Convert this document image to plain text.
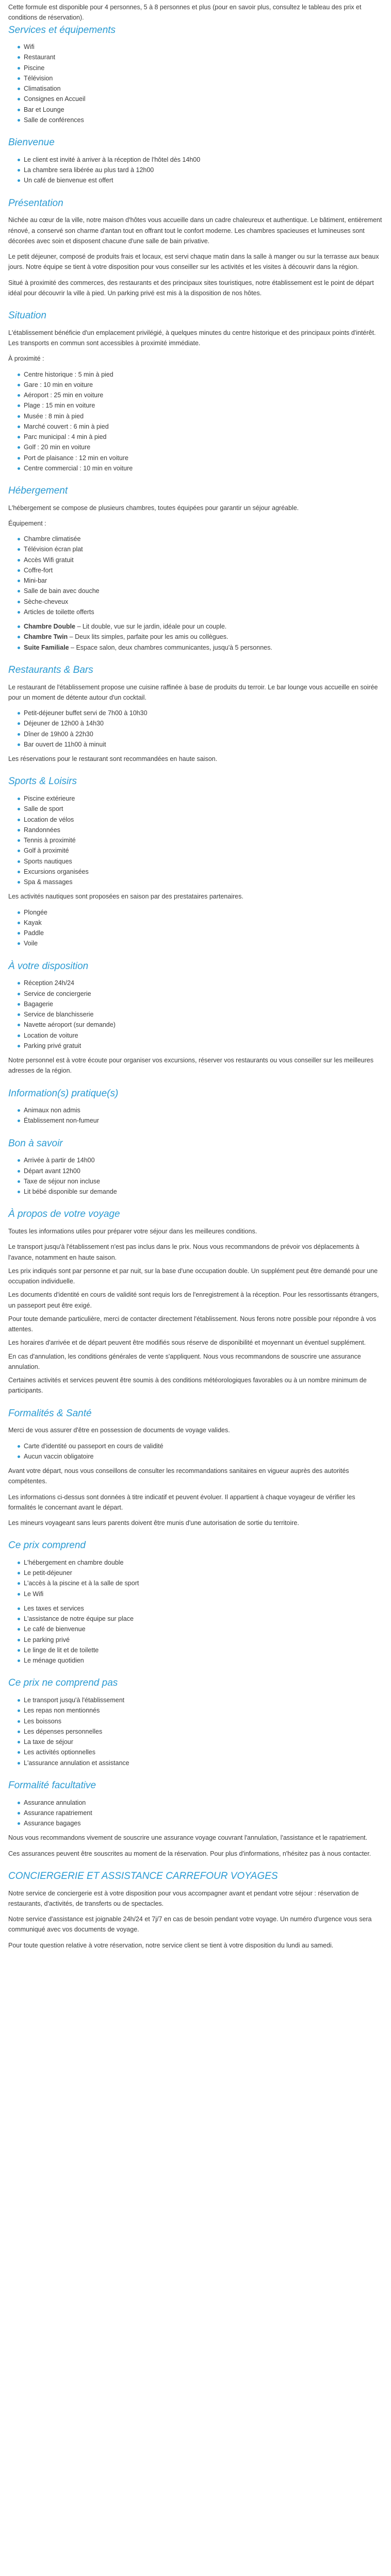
Cette formule est disponible pour 4 personnes, 5 à 8 personnes et plus (pour en savoir plus, consultez le tableau des prix et conditions de réservation).

Services et équipements
Wifi
Restaurant
Piscine
Télévision
Climatisation
Consignes en Accueil
Bar et Lounge
Salle de conférences
Bienvenue
Le client est invité à arriver à la réception de l'hôtel dès 14h00
La chambre sera libérée au plus tard à 12h00
Un café de bienvenue est offert
Présentation

Nichée au cœur de la ville, notre maison d'hôtes vous accueille dans un cadre chaleureux et authentique. Le bâtiment, entièrement rénové, a conservé son charme d'antan tout en offrant tout le confort moderne. Les chambres spacieuses et lumineuses sont décorées avec soin et disposent chacune d'une salle de bain privative.

Le petit déjeuner, composé de produits frais et locaux, est servi chaque matin dans la salle à manger ou sur la terrasse aux beaux jours. Notre équipe se tient à votre disposition pour vous conseiller sur les activités et les visites à découvrir dans la région.

Situé à proximité des commerces, des restaurants et des principaux sites touristiques, notre établissement est le point de départ idéal pour découvrir la ville à pied. Un parking privé est mis à la disposition de nos hôtes.

Situation

L'établissement bénéficie d'un emplacement privilégié, à quelques minutes du centre historique et des principaux points d'intérêt. Les transports en commun sont accessibles à proximité immédiate.

À proximité :

Centre historique : 5 min à pied
Gare : 10 min en voiture
Aéroport : 25 min en voiture
Plage : 15 min en voiture
Musée : 8 min à pied
Marché couvert : 6 min à pied
Parc municipal : 4 min à pied
Golf : 20 min en voiture
Port de plaisance : 12 min en voiture
Centre commercial : 10 min en voiture
Hébergement

L'hébergement se compose de plusieurs chambres, toutes équipées pour garantir un séjour agréable.

Équipement :

Chambre climatisée
Télévision écran plat
Accès Wifi gratuit
Coffre-fort
Mini-bar
Salle de bain avec douche
Sèche-cheveux
Articles de toilette offerts
Chambre Double – Lit double, vue sur le jardin, idéale pour un couple.
Chambre Twin – Deux lits simples, parfaite pour les amis ou collègues.
Suite Familiale – Espace salon, deux chambres communicantes, jusqu'à 5 personnes.
Restaurants & Bars

Le restaurant de l'établissement propose une cuisine raffinée à base de produits du terroir. Le bar lounge vous accueille en soirée pour un moment de détente autour d'un cocktail.

Petit-déjeuner buffet servi de 7h00 à 10h30
Déjeuner de 12h00 à 14h30
Dîner de 19h00 à 22h30
Bar ouvert de 11h00 à minuit

Les réservations pour le restaurant sont recommandées en haute saison.

Sports & Loisirs
Piscine extérieure
Salle de sport
Location de vélos
Randonnées
Tennis à proximité
Golf à proximité
Sports nautiques
Excursions organisées
Spa & massages

Les activités nautiques sont proposées en saison par des prestataires partenaires.

Plongée
Kayak
Paddle
Voile
À votre disposition
Réception 24h/24
Service de conciergerie
Bagagerie
Service de blanchisserie
Navette aéroport (sur demande)
Location de voiture
Parking privé gratuit

Notre personnel est à votre écoute pour organiser vos excursions, réserver vos restaurants ou vous conseiller sur les meilleures adresses de la région.

Information(s) pratique(s)
Animaux non admis
Établissement non-fumeur
Bon à savoir
Arrivée à partir de 14h00
Départ avant 12h00
Taxe de séjour non incluse
Lit bébé disponible sur demande
À propos de votre voyage

Toutes les informations utiles pour préparer votre séjour dans les meilleures conditions.

Le transport jusqu'à l'établissement n'est pas inclus dans le prix. Nous vous recommandons de prévoir vos déplacements à l'avance, notamment en haute saison.

Les prix indiqués sont par personne et par nuit, sur la base d'une occupation double. Un supplément peut être demandé pour une occupation individuelle.

Les documents d'identité en cours de validité sont requis lors de l'enregistrement à la réception. Pour les ressortissants étrangers, un passeport peut être exigé.

Pour toute demande particulière, merci de contacter directement l'établissement. Nous ferons notre possible pour répondre à vos attentes.

Les horaires d'arrivée et de départ peuvent être modifiés sous réserve de disponibilité et moyennant un éventuel supplément.

En cas d'annulation, les conditions générales de vente s'appliquent. Nous vous recommandons de souscrire une assurance annulation.

Certaines activités et services peuvent être soumis à des conditions météorologiques favorables ou à un nombre minimum de participants.

Formalités & Santé

Merci de vous assurer d'être en possession de documents de voyage valides.

Carte d'identité ou passeport en cours de validité
Aucun vaccin obligatoire

Avant votre départ, nous vous conseillons de consulter les recommandations sanitaires en vigueur auprès des autorités compétentes.

Les informations ci-dessus sont données à titre indicatif et peuvent évoluer. Il appartient à chaque voyageur de vérifier les formalités le concernant avant le départ.

Les mineurs voyageant sans leurs parents doivent être munis d'une autorisation de sortie du territoire.

Ce prix comprend
L'hébergement en chambre double
Le petit-déjeuner
L'accès à la piscine et à la salle de sport
Le Wifi
Les taxes et services
L'assistance de notre équipe sur place
Le café de bienvenue
Le parking privé
Le linge de lit et de toilette
Le ménage quotidien
Ce prix ne comprend pas
Le transport jusqu'à l'établissement
Les repas non mentionnés
Les boissons
Les dépenses personnelles
La taxe de séjour
Les activités optionnelles
L'assurance annulation et assistance
Formalité facultative
Assurance annulation
Assurance rapatriement
Assurance bagages

Nous vous recommandons vivement de souscrire une assurance voyage couvrant l'annulation, l'assistance et le rapatriement.

Ces assurances peuvent être souscrites au moment de la réservation. Pour plus d'informations, n'hésitez pas à nous contacter.

CONCIERGERIE ET ASSISTANCE CARREFOUR VOYAGES

Notre service de conciergerie est à votre disposition pour vous accompagner avant et pendant votre séjour : réservation de restaurants, d'activités, de transferts ou de spectacles.

Notre service d'assistance est joignable 24h/24 et 7j/7 en cas de besoin pendant votre voyage. Un numéro d'urgence vous sera communiqué avec vos documents de voyage.

Pour toute question relative à votre réservation, notre service client se tient à votre disposition du lundi au samedi.
